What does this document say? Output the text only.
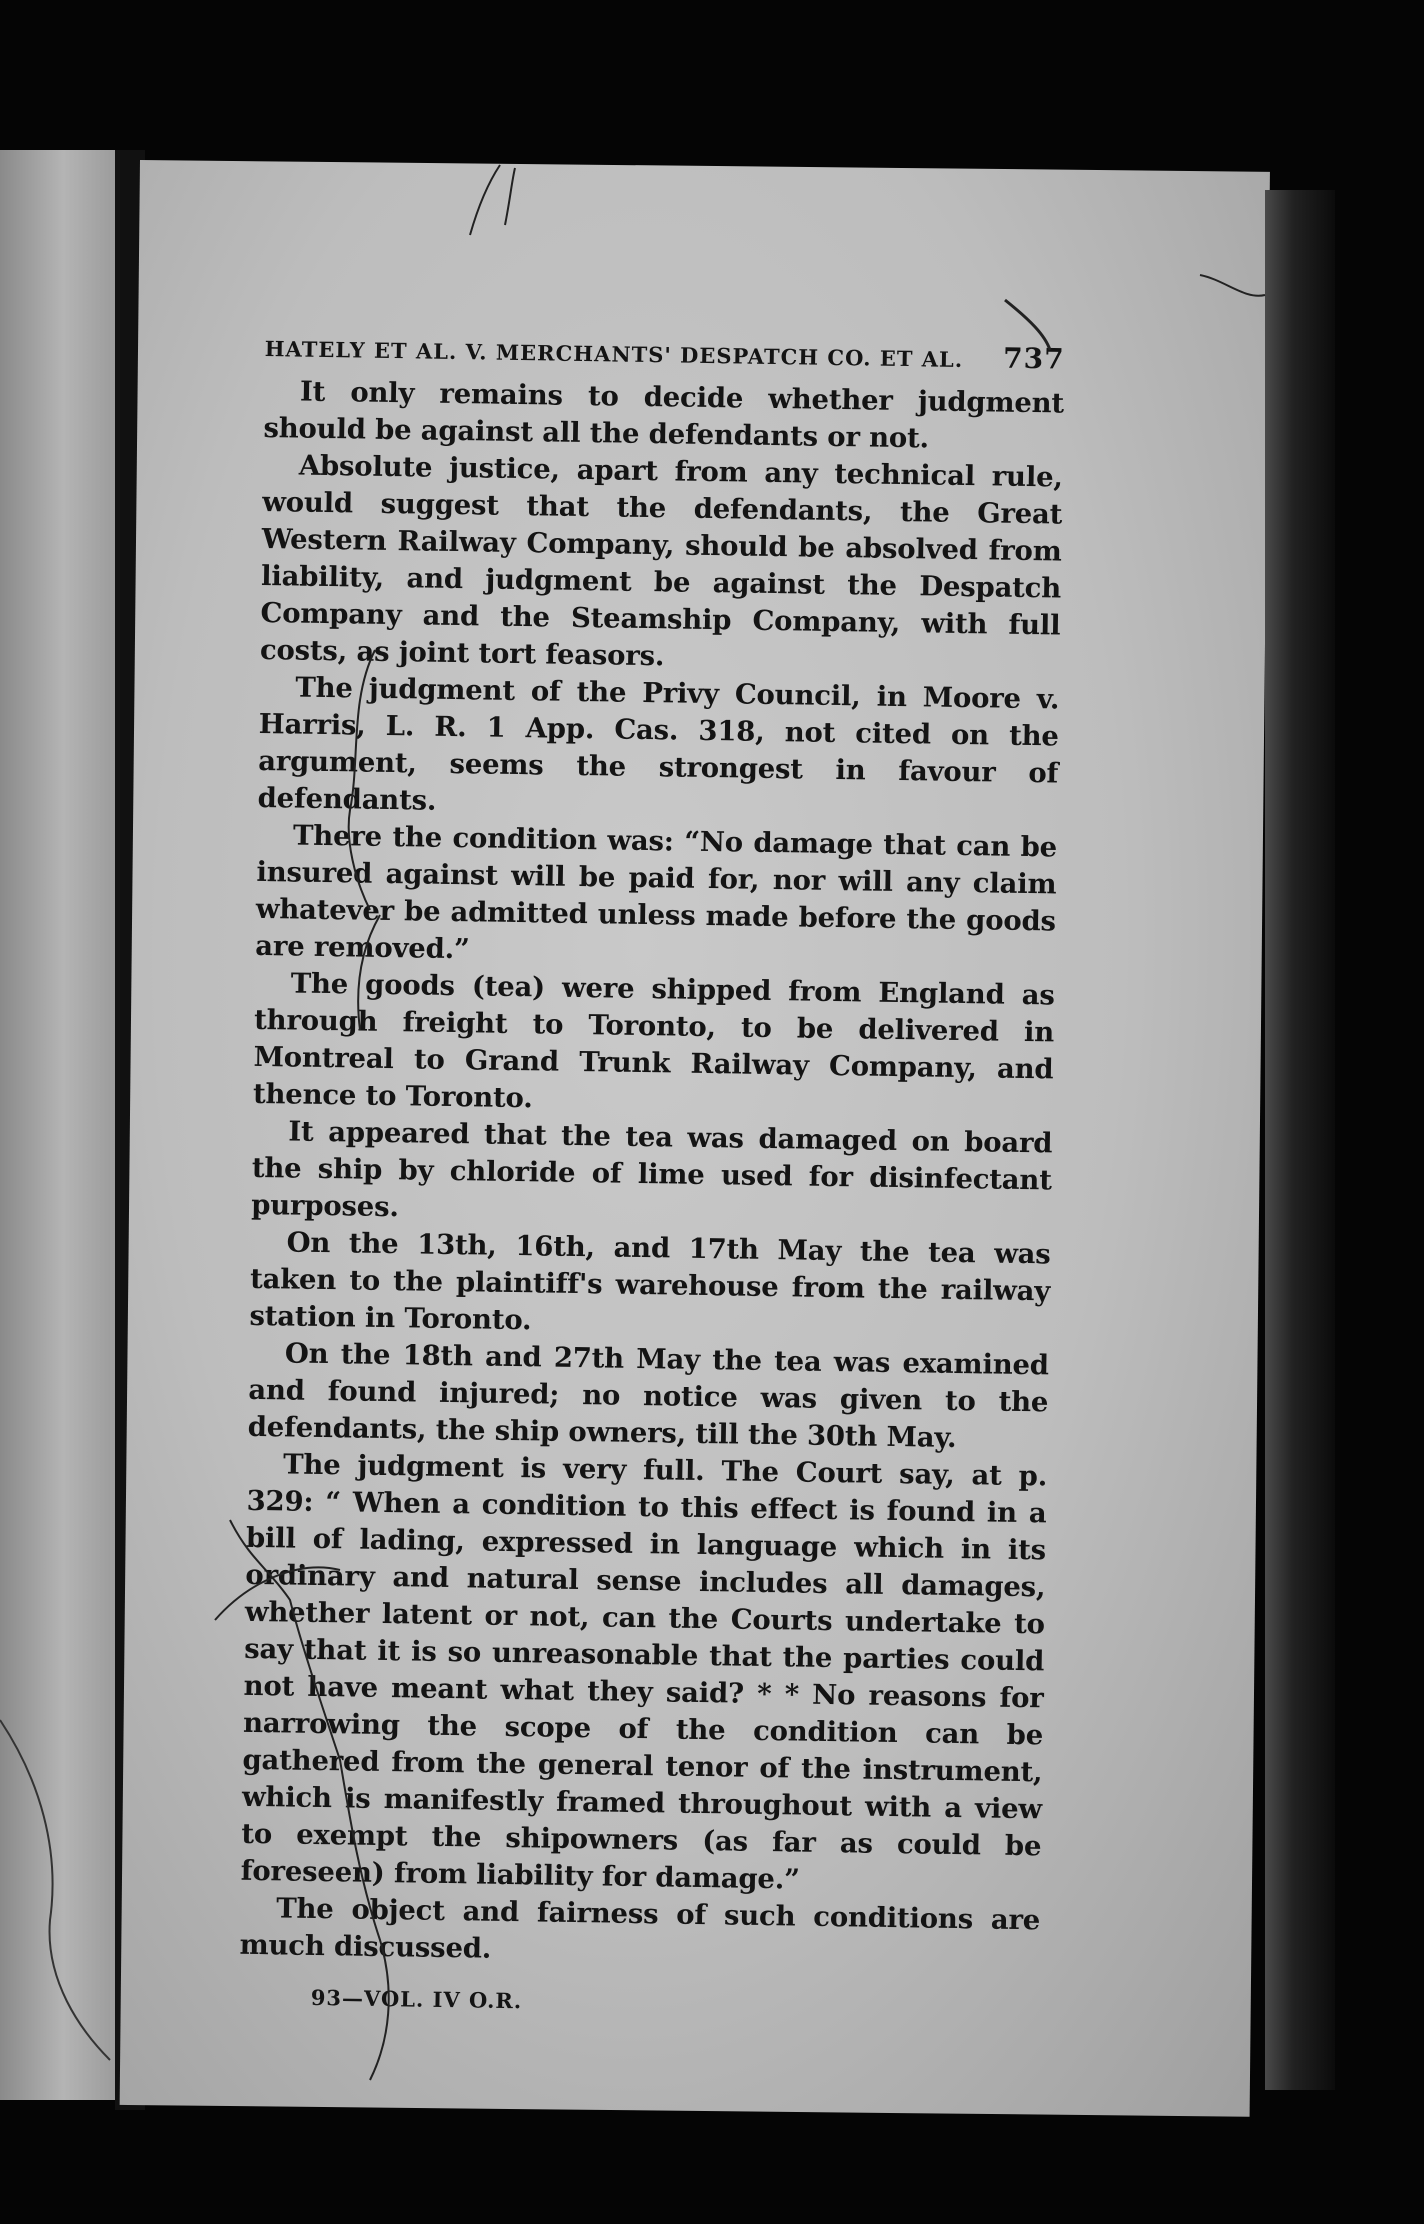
HATELY ET AL. V. MERCHANTS' DESPATCH CO. ET AL. 737

It only remains to decide whether judgment should be against all the defendants or not.

Absolute justice, apart from any technical rule, would suggest that the defendants, the Great Western Railway Company, should be absolved from liability, and judgment be against the Despatch Company and the Steamship Company, with full costs, as joint tort feasors.

The judgment of the Privy Council, in Moore v. Harris, L. R. 1 App. Cas. 318, not cited on the argument, seems the strongest in favour of defendants.

There the condition was: “No damage that can be insured against will be paid for, nor will any claim whatever be admitted unless made before the goods are removed.”

The goods (tea) were shipped from England as through freight to Toronto, to be delivered in Montreal to Grand Trunk Railway Company, and thence to Toronto.

It appeared that the tea was damaged on board the ship by chloride of lime used for disinfectant purposes.

On the 13th, 16th, and 17th May the tea was taken to the plaintiff's warehouse from the railway station in Toronto.

On the 18th and 27th May the tea was examined and found injured; no notice was given to the defendants, the ship owners, till the 30th May.

The judgment is very full. The Court say, at p. 329: “ When a condition to this effect is found in a bill of lading, expressed in language which in its ordinary and natural sense includes all damages, whether latent or not, can the Courts undertake to say that it is so unreasonable that the parties could not have meant what they said? * * No reasons for narrowing the scope of the condition can be gathered from the general tenor of the instrument, which is manifestly framed throughout with a view to exempt the shipowners (as far as could be foreseen) from liability for damage.”

The object and fairness of such conditions are much discussed.

93—VOL. IV O.R.
